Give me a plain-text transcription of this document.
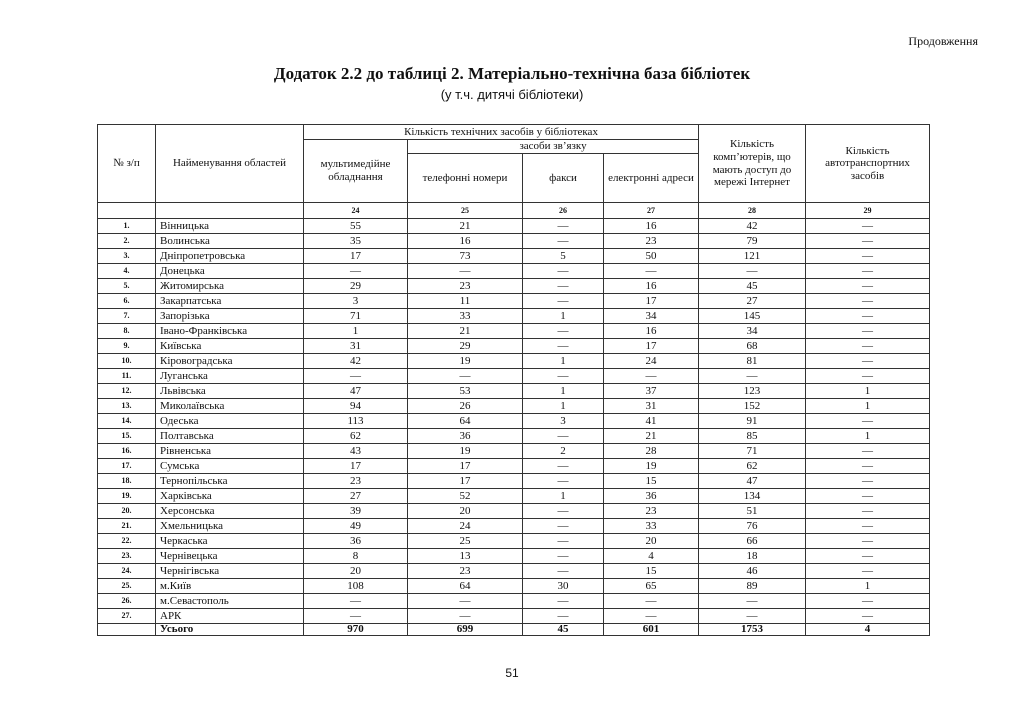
Продовження
Додаток 2.2 до таблиці 2. Матеріально-технічна база бібліотек
(у т.ч. дитячі бібліотеки)
№ з/п	Найменування областей	Кількість технічних засобів у бібліотеках				Кількість комп’ютерів, що мають доступ до мережі Інтернет	Кількість автотранспортних засобів
		мультимедійне обладнання	засоби зв’язку				
			телефонні номери	факси	електронні адреси		
		24	25	26	27	28	29
1.	Вінницька	55	21	—	16	42	—
2.	Волинська	35	16	—	23	79	—
3.	Дніпропетровська	17	73	5	50	121	—
4.	Донецька	—	—	—	—	—	—
5.	Житомирська	29	23	—	16	45	—
6.	Закарпатська	3	11	—	17	27	—
7.	Запорізька	71	33	1	34	145	—
8.	Івано-Франківська	1	21	—	16	34	—
9.	Київська	31	29	—	17	68	—
10.	Кіровоградська	42	19	1	24	81	—
11.	Луганська	—	—	—	—	—	—
12.	Львівська	47	53	1	37	123	1
13.	Миколаївська	94	26	1	31	152	1
14.	Одеська	113	64	3	41	91	—
15.	Полтавська	62	36	—	21	85	1
16.	Рівненська	43	19	2	28	71	—
17.	Сумська	17	17	—	19	62	—
18.	Тернопільська	23	17	—	15	47	—
19.	Харківська	27	52	1	36	134	—
20.	Херсонська	39	20	—	23	51	—
21.	Хмельницька	49	24	—	33	76	—
22.	Черкаська	36	25	—	20	66	—
23.	Чернівецька	8	13	—	4	18	—
24.	Чернігівська	20	23	—	15	46	—
25.	м.Київ	108	64	30	65	89	1
26.	м.Севастополь	—	—	—	—	—	—
27.	АРК	—	—	—	—	—	—
	Усього	970	699	45	601	1753	4
51
